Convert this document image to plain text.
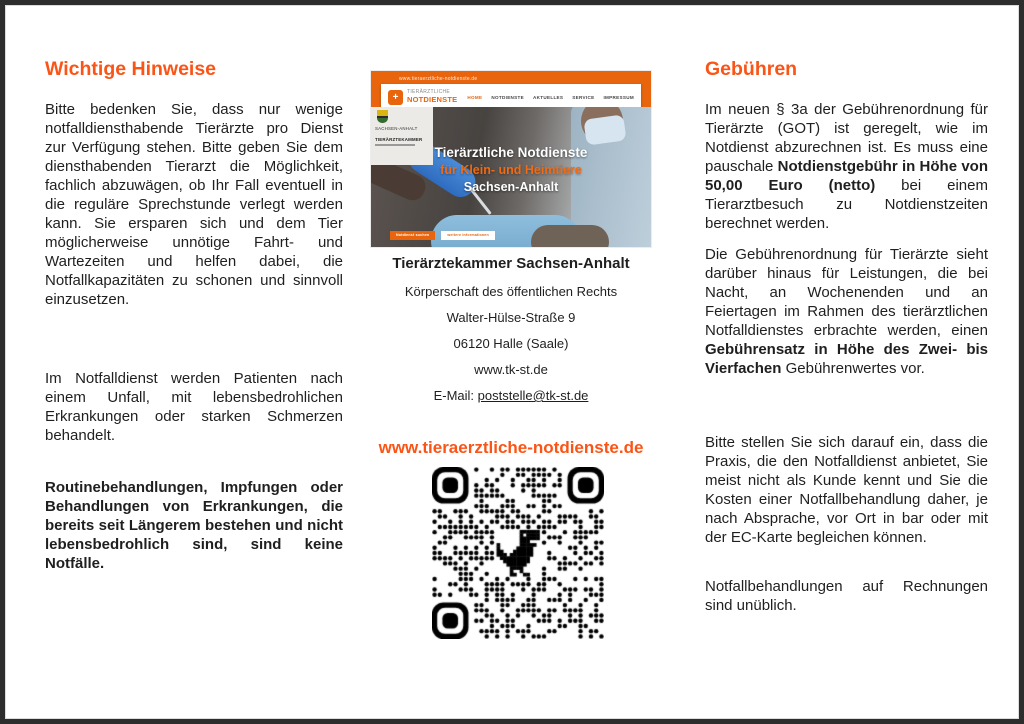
Wichtige Hinweise

Bitte bedenken Sie, dass nur wenige notfalldiensthabende Tierärzte pro Dienst zur Verfügung stehen. Bitte geben Sie dem diensthabenden Tierarzt die Möglichkeit, fachlich abzuwägen, ob Ihr Fall eventuell in die reguläre Sprechstunde verlegt werden kann. Sie ersparen sich und dem Tier möglicherweise unnötige Fahrt- und Wartezeiten und helfen dabei, die Notfallkapazitäten zu schonen und sinnvoll einzusetzen.

Im Notfalldienst werden Patienten nach einem Unfall, mit lebensbedrohlichen Erkrankungen oder starken Schmerzen behandelt.

Routinebehandlungen, Impfungen oder Behandlungen von Erkrankungen, die bereits seit Längerem bestehen und nicht lebensbedrohlich sind, sind keine Notfälle.

www.tieraerztliche-notdienste.de
+	TIERÄRZTLICHE
NOTDIENSTE HOME NOTDIENSTE AKTUELLES SERVICE IMPRESSUM
SACHSEN-ANHALT
TIERÄRZTEKAMMER
Tierärztliche Notdienste
für Klein- und Heimtiere
Sachsen-Anhalt
Notdienst suchen	weitere Informationen

Tierärztekammer Sachsen-Anhalt

Körperschaft des öffentlichen Rechts

Walter-Hülse-Straße 9

06120 Halle (Saale)

www.tk-st.de

E-Mail: poststelle@tk-st.de

www.tieraerztliche-notdienste.de
Gebühren

Im neuen § 3a der Gebührenordnung für Tierärzte (GOT) ist geregelt, wie im Notdienst abzurechnen ist. Es muss eine pauschale Notdienstgebühr in Höhe von 50,00 Euro (netto) bei einem Tierarztbesuch zu Notdienstzeiten berechnet werden.

Die Gebührenordnung für Tierärzte sieht darüber hinaus für Leistungen, die bei Nacht, an Wochenenden und an Feiertagen im Rahmen des tierärztlichen Notfalldienstes erbrachte werden, einen Gebührensatz in Höhe des Zwei- bis Vierfachen Gebührenwertes vor.

Bitte stellen Sie sich darauf ein, dass die Praxis, die den Notfalldienst anbietet, Sie meist nicht als Kunde kennt und Sie die Kosten einer Notfallbehandlung daher, je nach Absprache, vor Ort in bar oder mit der EC-Karte begleichen können.

Notfallbehandlungen auf Rechnungen sind unüblich.
